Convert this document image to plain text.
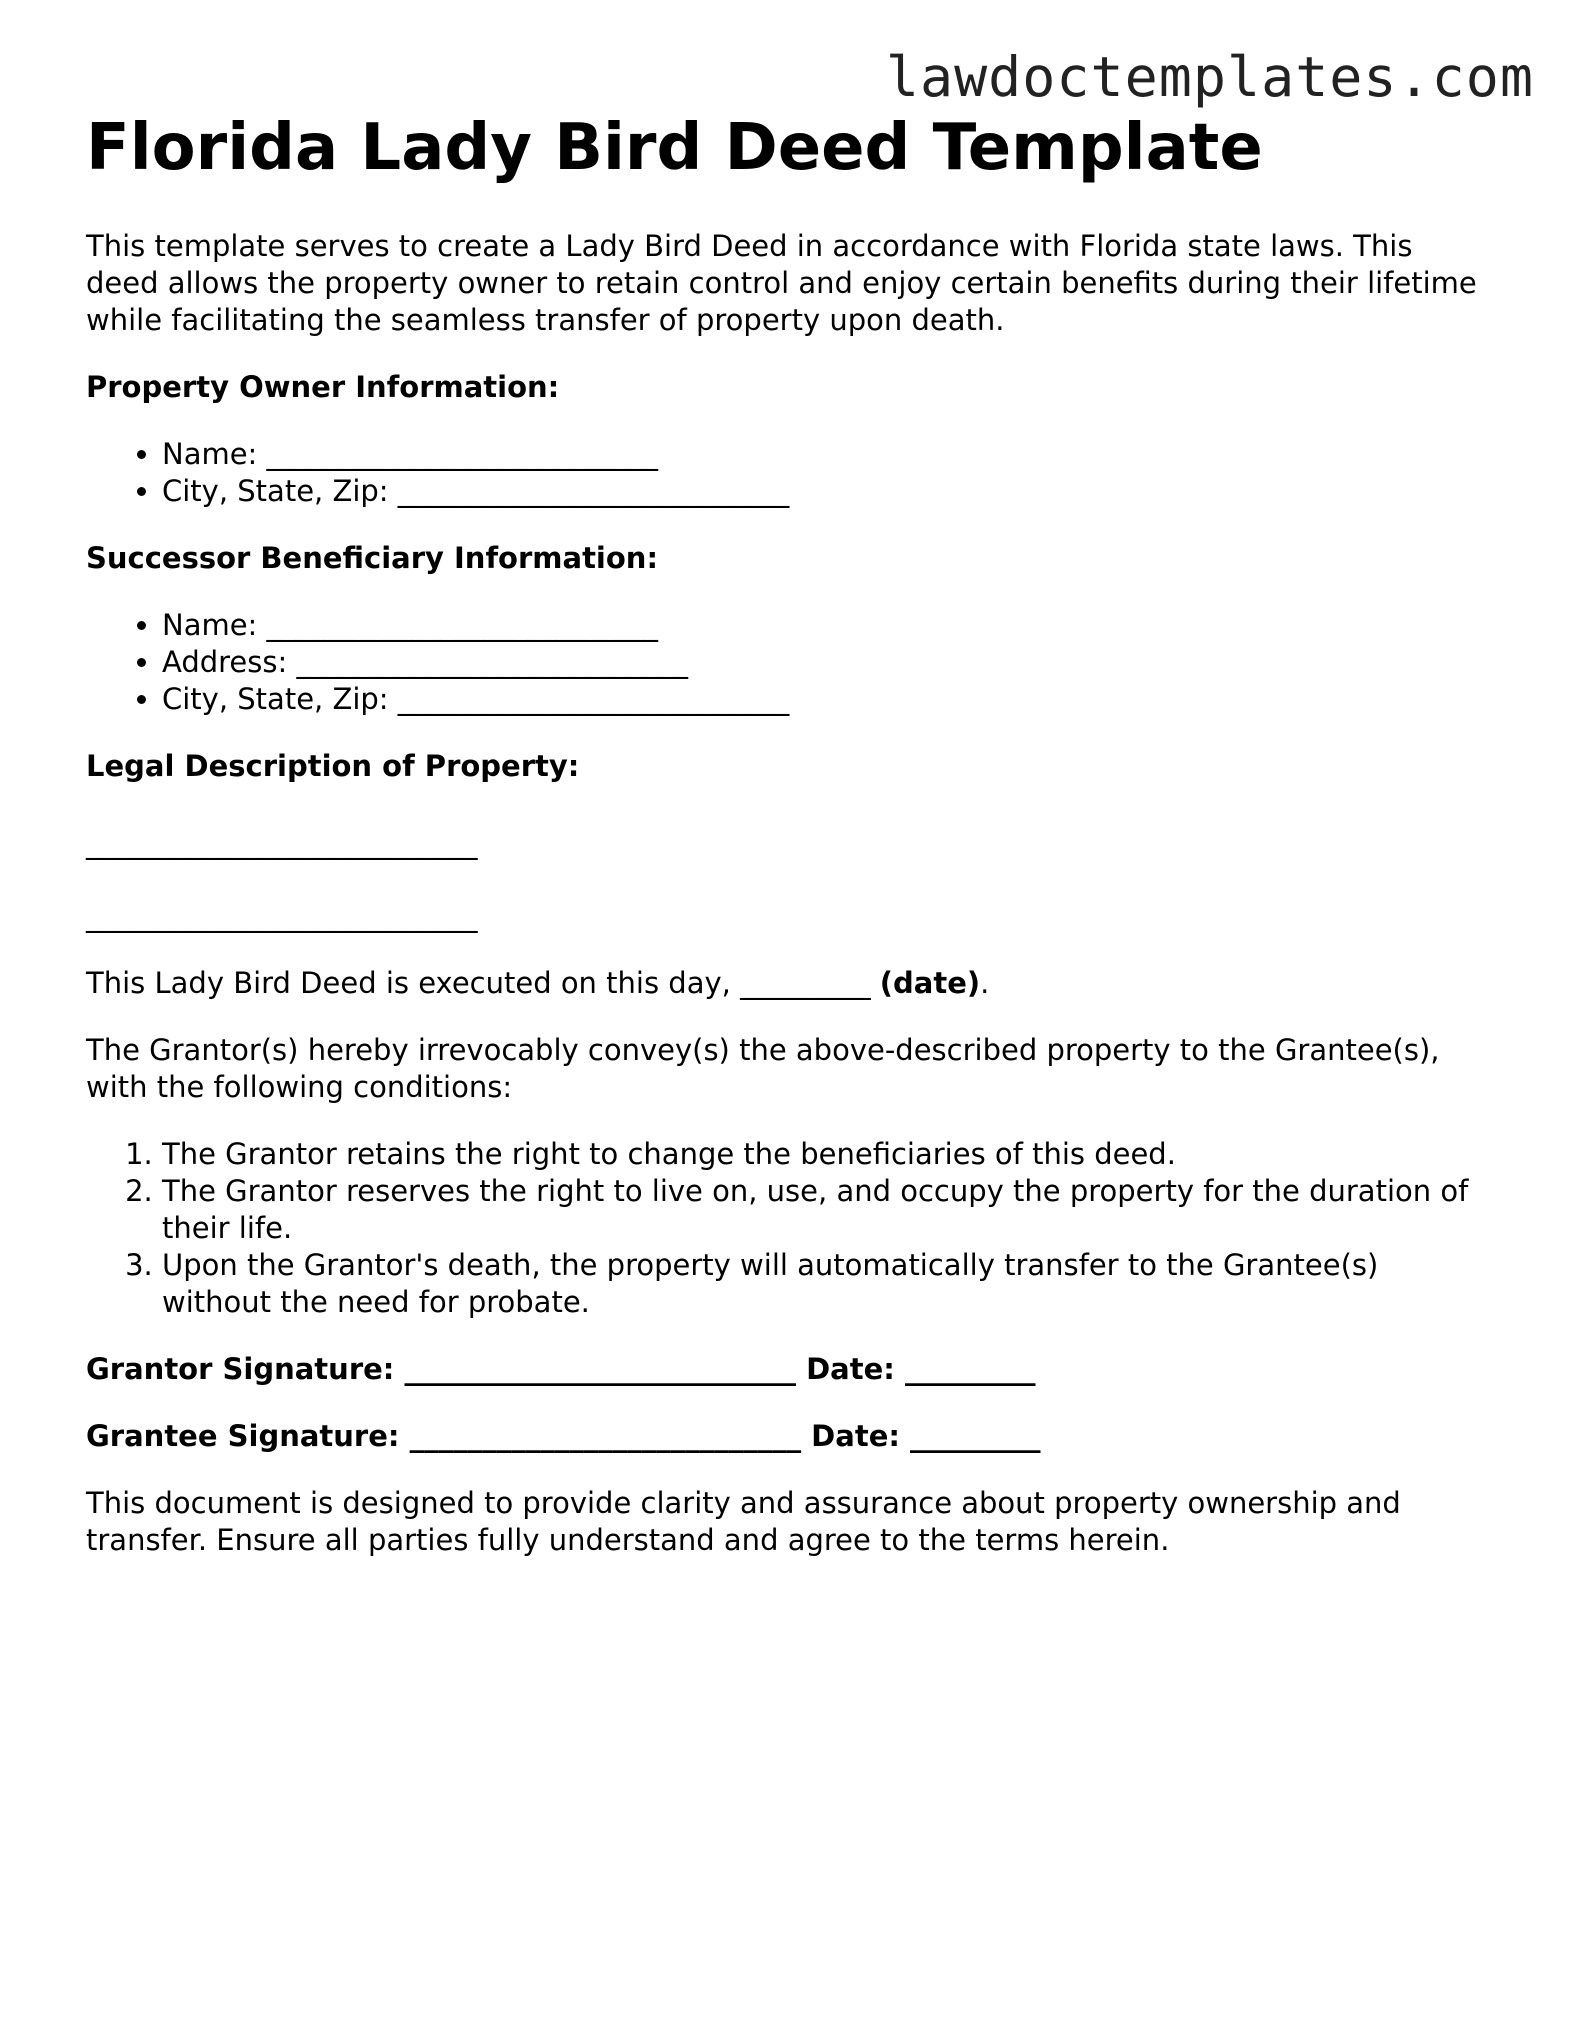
lawdoctemplates.com
Florida Lady Bird Deed Template

This template serves to create a Lady Bird Deed in accordance with Florida state laws. This deed allows the property owner to retain control and enjoy certain benefits during their lifetime while facilitating the seamless transfer of property upon death.

Property Owner Information:

• Name: ___________________________
• City, State, Zip: ___________________________

Successor Beneficiary Information:

• Name: ___________________________
• Address: ___________________________
• City, State, Zip: ___________________________

Legal Description of Property:

___________________________

___________________________

This Lady Bird Deed is executed on this day, _________ (date).

The Grantor(s) hereby irrevocably convey(s) the above-described property to the Grantee(s), with the following conditions:

1. The Grantor retains the right to change the beneficiaries of this deed.
2. The Grantor reserves the right to live on, use, and occupy the property for the duration of their life.
3. Upon the Grantor's death, the property will automatically transfer to the Grantee(s) without the need for probate.

Grantor Signature: ___________________________ Date: _________

Grantee Signature: ___________________________ Date: _________

This document is designed to provide clarity and assurance about property ownership and transfer. Ensure all parties fully understand and agree to the terms herein.
